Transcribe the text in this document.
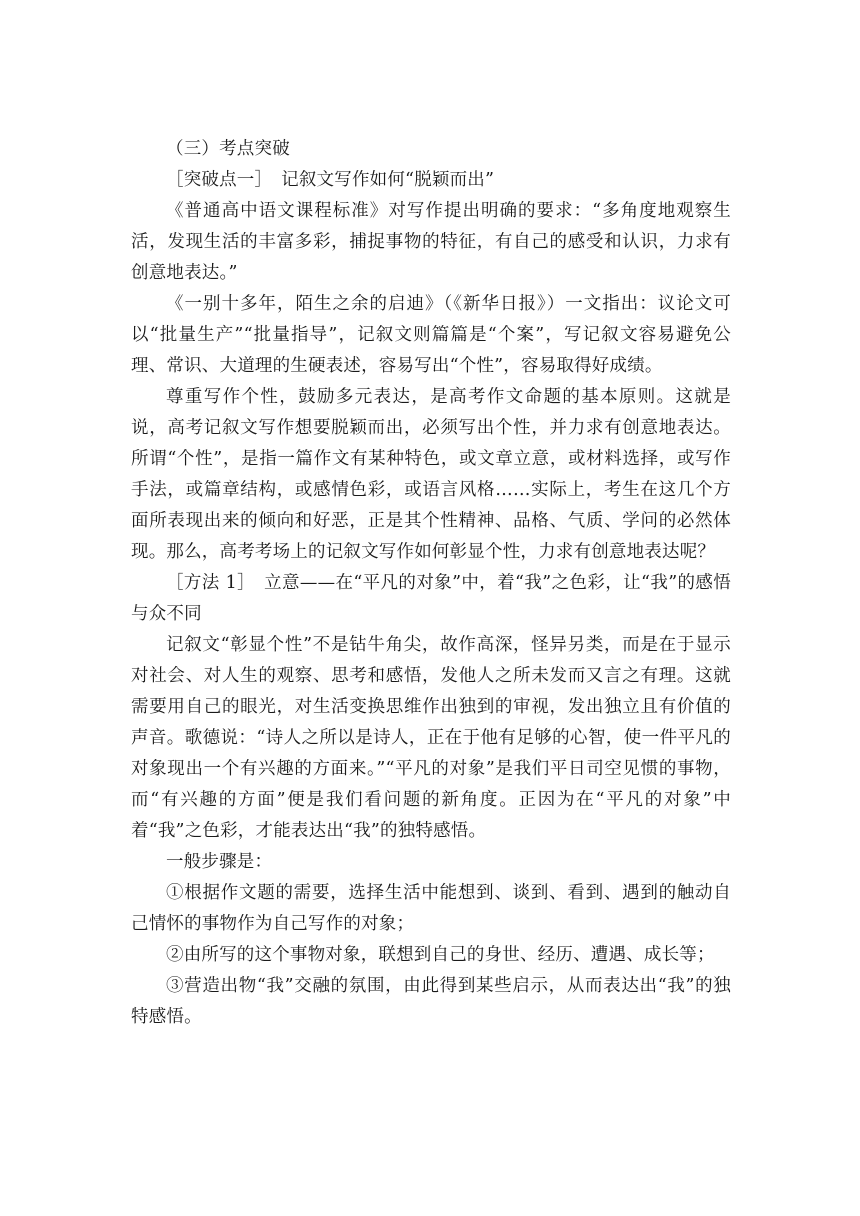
（三）考点突破

［突破点一］　记叙文写作如何“脱颖而出”

《普通高中语文课程标准》对写作提出明确的要求：“多角度地观察生活，发现生活的丰富多彩，捕捉事物的特征，有自己的感受和认识，力求有创意地表达。”

《一别十多年，陌生之余的启迪》（《新华日报》）一文指出：议论文可以“批量生产”“批量指导”，记叙文则篇篇是“个案”，写记叙文容易避免公理、常识、大道理的生硬表述，容易写出“个性”，容易取得好成绩。

尊重写作个性，鼓励多元表达，是高考作文命题的基本原则。这就是说，高考记叙文写作想要脱颖而出，必须写出个性，并力求有创意地表达。所谓“个性”，是指一篇作文有某种特色，或文章立意，或材料选择，或写作手法，或篇章结构，或感情色彩，或语言风格……实际上，考生在这几个方面所表现出来的倾向和好恶，正是其个性精神、品格、气质、学问的必然体现。那么，高考考场上的记叙文写作如何彰显个性，力求有创意地表达呢？

［方法 1］　立意——在“平凡的对象”中，着“我”之色彩，让“我”的感悟与众不同

记叙文“彰显个性”不是钻牛角尖，故作高深，怪异另类，而是在于显示对社会、对人生的观察、思考和感悟，发他人之所未发而又言之有理。这就需要用自己的眼光，对生活变换思维作出独到的审视，发出独立且有价值的声音。歌德说：“诗人之所以是诗人，正在于他有足够的心智，使一件平凡的对象现出一个有兴趣的方面来。”“平凡的对象”是我们平日司空见惯的事物，而“有兴趣的方面”便是我们看问题的新角度。正因为在“平凡的对象”中着“我”之色彩，才能表达出“我”的独特感悟。

一般步骤是：

①根据作文题的需要，选择生活中能想到、谈到、看到、遇到的触动自己情怀的事物作为自己写作的对象；

②由所写的这个事物对象，联想到自己的身世、经历、遭遇、成长等；

③营造出物“我”交融的氛围，由此得到某些启示，从而表达出“我”的独特感悟。
